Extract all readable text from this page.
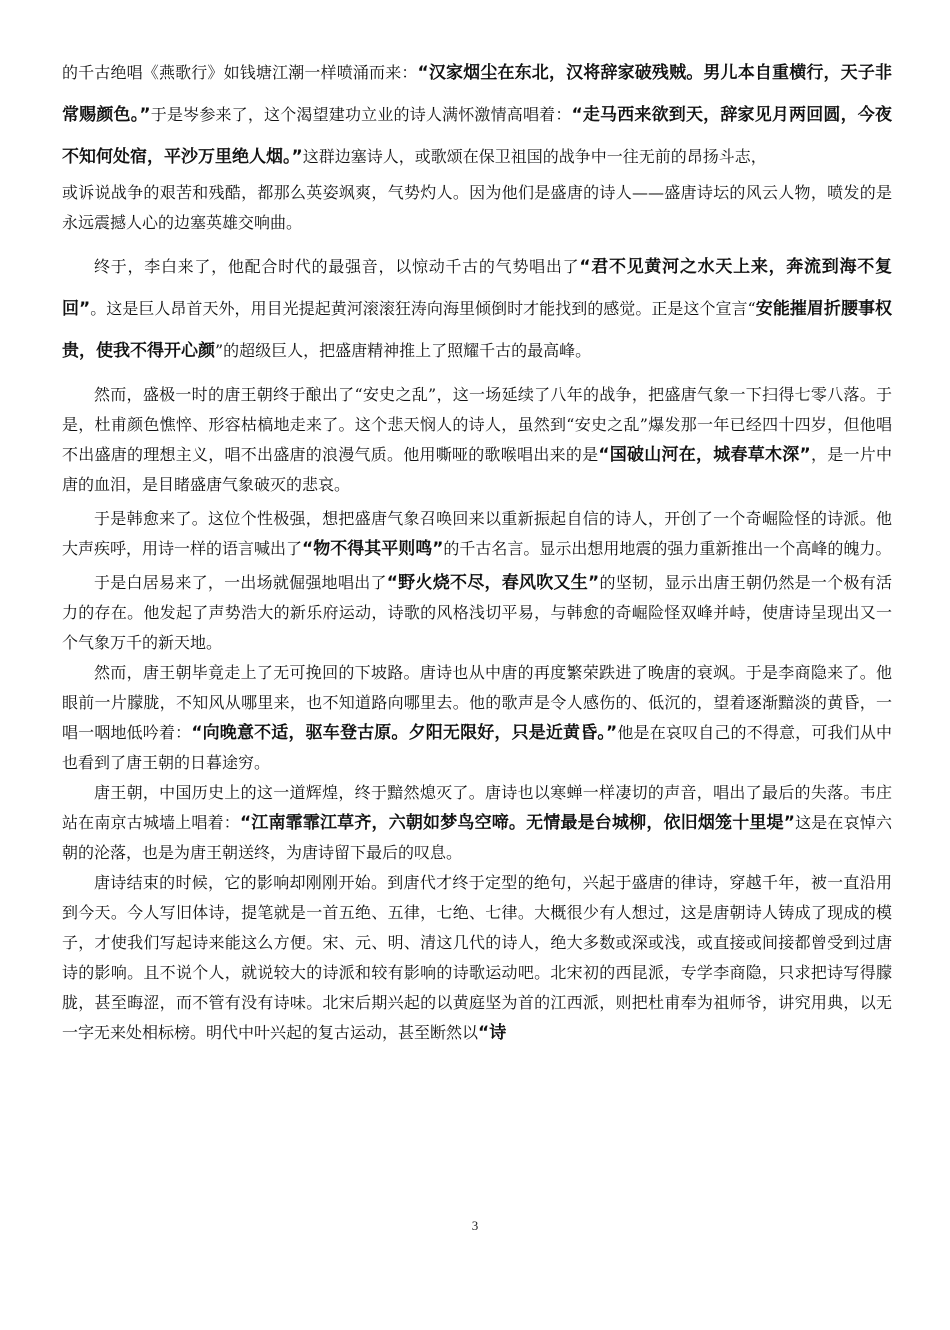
的千古绝唱《燕歌行》如钱塘江潮一样喷涌而来：“汉家烟尘在东北，汉将辞家破残贼。男儿本自重横行，天子非常赐颜色。”于是岑参来了，这个渴望建功立业的诗人满怀激情高唱着：“走马西来欲到天，辞家见月两回圆，今夜不知何处宿，平沙万里绝人烟。”这群边塞诗人，或歌颂在保卫祖国的战争中一往无前的昂扬斗志，

或诉说战争的艰苦和残酷，都那么英姿飒爽，气势灼人。因为他们是盛唐的诗人——盛唐诗坛的风云人物，喷发的是永远震撼人心的边塞英雄交响曲。

终于，李白来了，他配合时代的最强音，以惊动千古的气势唱出了“君不见黄河之水天上来，奔流到海不复回”。这是巨人昂首天外，用目光提起黄河滚滚狂涛向海里倾倒时才能找到的感觉。正是这个宣言“安能摧眉折腰事权贵，使我不得开心颜”的超级巨人，把盛唐精神推上了照耀千古的最高峰。

然而，盛极一时的唐王朝终于酿出了“安史之乱”，这一场延续了八年的战争，把盛唐气象一下扫得七零八落。于是，杜甫颜色憔悴、形容枯槁地走来了。这个悲天悯人的诗人，虽然到“安史之乱”爆发那一年已经四十四岁，但他唱不出盛唐的理想主义，唱不出盛唐的浪漫气质。他用嘶哑的歌喉唱出来的是“国破山河在，城春草木深”，是一片中唐的血泪，是目睹盛唐气象破灭的悲哀。

于是韩愈来了。这位个性极强，想把盛唐气象召唤回来以重新振起自信的诗人，开创了一个奇崛险怪的诗派。他大声疾呼，用诗一样的语言喊出了“物不得其平则鸣”的千古名言。显示出想用地震的强力重新推出一个高峰的魄力。

于是白居易来了，一出场就倔强地唱出了“野火烧不尽，春风吹又生”的坚韧，显示出唐王朝仍然是一个极有活力的存在。他发起了声势浩大的新乐府运动，诗歌的风格浅切平易，与韩愈的奇崛险怪双峰并峙，使唐诗呈现出又一个气象万千的新天地。

然而，唐王朝毕竟走上了无可挽回的下坡路。唐诗也从中唐的再度繁荣跌进了晚唐的衰飒。于是李商隐来了。他眼前一片朦胧，不知风从哪里来，也不知道路向哪里去。他的歌声是令人感伤的、低沉的，望着逐渐黯淡的黄昏，一唱一咽地低吟着：“向晚意不适，驱车登古原。夕阳无限好，只是近黄昏。”他是在哀叹自己的不得意，可我们从中也看到了唐王朝的日暮途穷。

唐王朝，中国历史上的这一道辉煌，终于黯然熄灭了。唐诗也以寒蝉一样凄切的声音，唱出了最后的失落。韦庄站在南京古城墙上唱着：“江南霏霏江草齐，六朝如梦鸟空啼。无情最是台城柳，依旧烟笼十里堤”这是在哀悼六朝的沦落，也是为唐王朝送终，为唐诗留下最后的叹息。

唐诗结束的时候，它的影响却刚刚开始。到唐代才终于定型的绝句，兴起于盛唐的律诗，穿越千年，被一直沿用到今天。今人写旧体诗，提笔就是一首五绝、五律，七绝、七律。大概很少有人想过，这是唐朝诗人铸成了现成的模子，才使我们写起诗来能这么方便。宋、元、明、清这几代的诗人，绝大多数或深或浅，或直接或间接都曾受到过唐诗的影响。且不说个人，就说较大的诗派和较有影响的诗歌运动吧。北宋初的西昆派，专学李商隐，只求把诗写得朦胧，甚至晦涩，而不管有没有诗味。北宋后期兴起的以黄庭坚为首的江西派，则把杜甫奉为祖师爷，讲究用典，以无一字无来处相标榜。明代中叶兴起的复古运动，甚至断然以“诗

3
